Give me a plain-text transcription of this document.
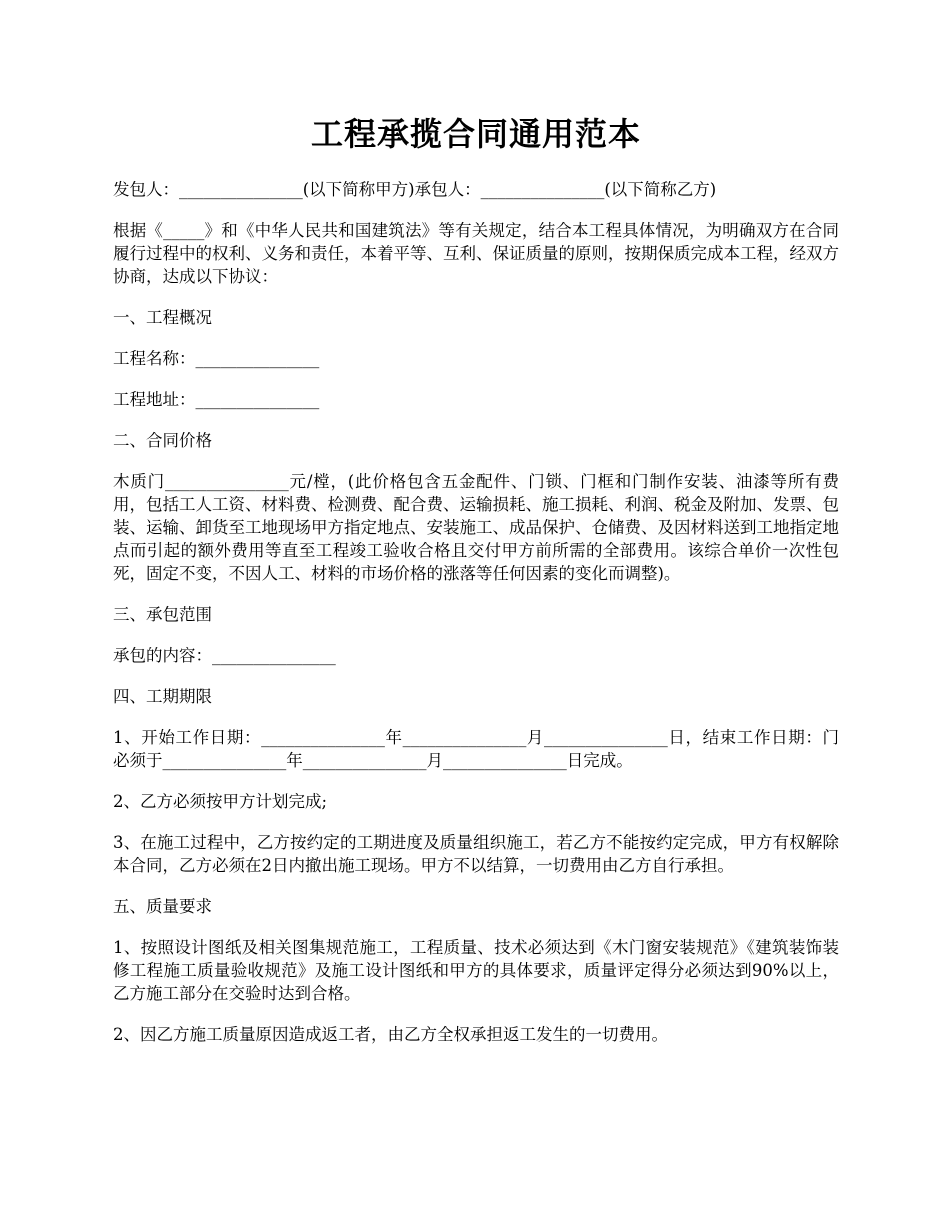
工程承揽合同通用范本

发包人：_______________(以下简称甲方)承包人：_______________(以下简称乙方)

根据《_____》和《中华人民共和国建筑法》等有关规定，结合本工程具体情况，为明确双方在合同履行过程中的权利、义务和责任，本着平等、互利、保证质量的原则，按期保质完成本工程，经双方协商，达成以下协议：

一、工程概况

工程名称：_______________

工程地址：_______________

二、合同价格

木质门_______________元/樘，(此价格包含五金配件、门锁、门框和门制作安装、油漆等所有费用，包括工人工资、材料费、检测费、配合费、运输损耗、施工损耗、利润、税金及附加、发票、包装、运输、卸货至工地现场甲方指定地点、安装施工、成品保护、仓储费、及因材料送到工地指定地点而引起的额外费用等直至工程竣工验收合格且交付甲方前所需的全部费用。该综合单价一次性包死，固定不变，不因人工、材料的市场价格的涨落等任何因素的变化而调整)。

三、承包范围

承包的内容：_______________

四、工期期限

1、开始工作日期：_______________年_______________月_______________日，结束工作日期：门必须于_______________年_______________月_______________日完成。

2、乙方必须按甲方计划完成;

3、在施工过程中，乙方按约定的工期进度及质量组织施工，若乙方不能按约定完成，甲方有权解除本合同，乙方必须在2日内撤出施工现场。甲方不以结算，一切费用由乙方自行承担。

五、质量要求

1、按照设计图纸及相关图集规范施工，工程质量、技术必须达到《木门窗安装规范》《建筑装饰装修工程施工质量验收规范》及施工设计图纸和甲方的具体要求，质量评定得分必须达到90%以上，乙方施工部分在交验时达到合格。

2、因乙方施工质量原因造成返工者，由乙方全权承担返工发生的一切费用。
